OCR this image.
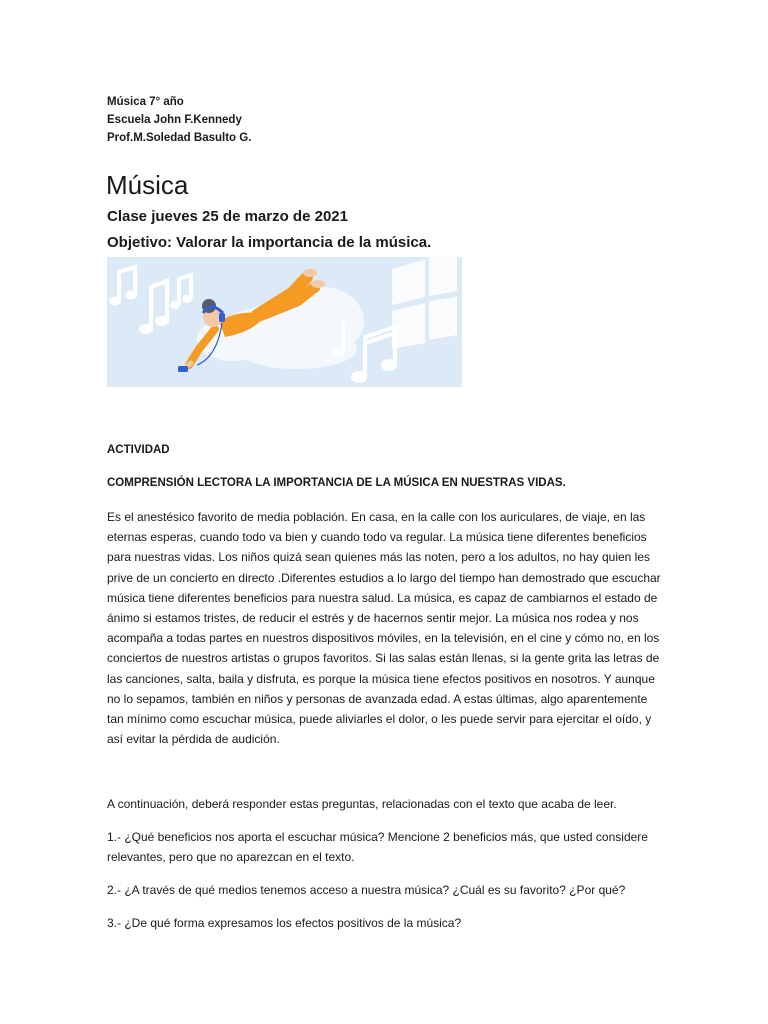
Música 7° año
Escuela John F.Kennedy
Prof.M.Soledad Basulto G.
Música
Clase jueves 25 de marzo de 2021
Objetivo: Valorar la importancia de la música.
ACTIVIDAD
COMPRENSIÓN LECTORA LA IMPORTANCIA DE LA MÚSICA EN NUESTRAS VIDAS.

Es el anestésico favorito de media población. En casa, en la calle con los auriculares, de viaje, en las eternas esperas, cuando todo va bien y cuando todo va regular. La música tiene diferentes beneficios para nuestras vidas. Los niños quizá sean quienes más las noten, pero a los adultos, no hay quien les prive de un concierto en directo .Diferentes estudios a lo largo del tiempo han demostrado que escuchar música tiene diferentes beneficios para nuestra salud. La música, es capaz de cambiarnos el estado de ánimo si estamos tristes, de reducir el estrés y de hacernos sentir mejor. La música nos rodea y nos acompaña a todas partes en nuestros dispositivos móviles, en la televisión, en el cine y cómo no, en los conciertos de nuestros artistas o grupos favoritos. Si las salas están llenas, si la gente grita las letras de las canciones, salta, baila y disfruta, es porque la música tiene efectos positivos en nosotros. Y aunque no lo sepamos, también en niños y personas de avanzada edad. A estas últimas, algo aparentemente tan mínimo como escuchar música, puede aliviarles el dolor, o les puede servir para ejercitar el oído, y así evitar la pérdida de audición.

A continuación, deberá responder estas preguntas, relacionadas con el texto que acaba de leer.

1.- ¿Qué beneficios nos aporta el escuchar música? Mencione 2 beneficios más, que usted considere relevantes, pero que no aparezcan en el texto.

2.- ¿A través de qué medios tenemos acceso a nuestra música? ¿Cuál es su favorito? ¿Por qué?

3.- ¿De qué forma expresamos los efectos positivos de la música?
